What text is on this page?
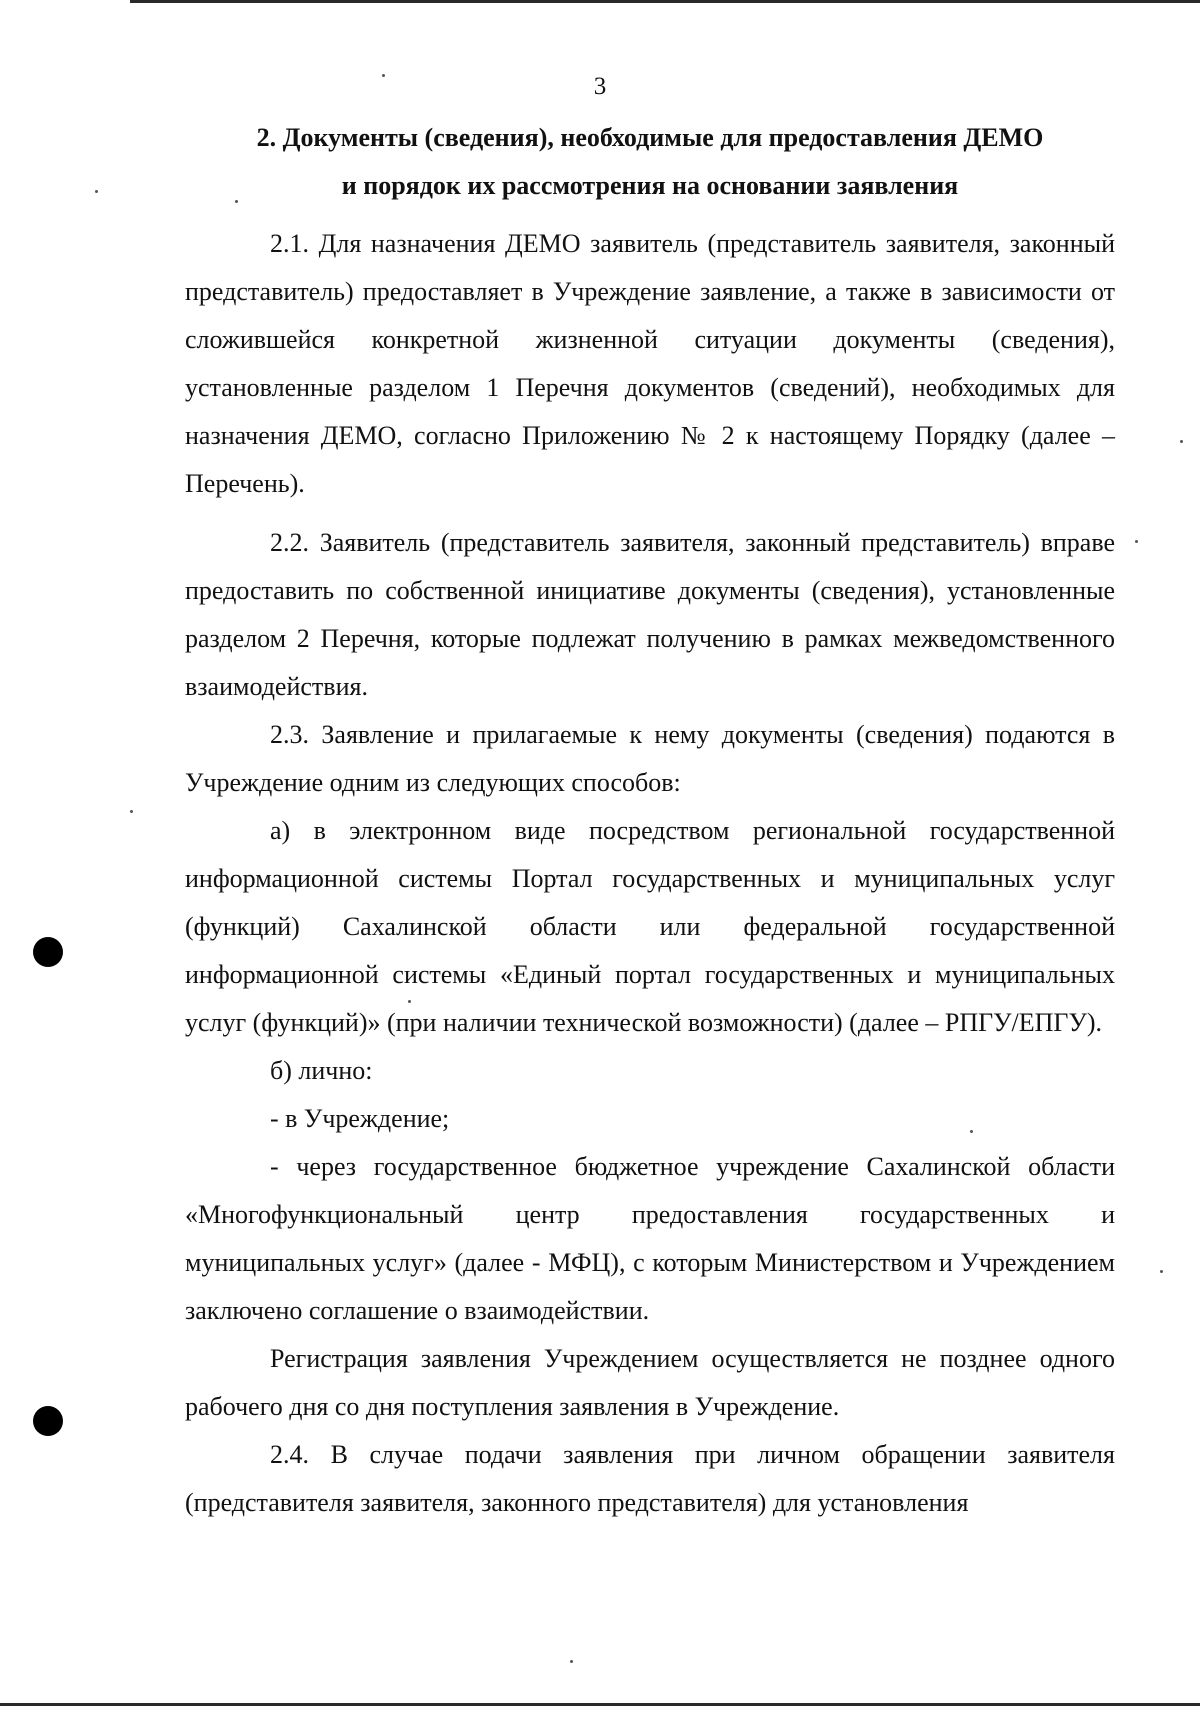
3
2. Документы (сведения), необходимые для предоставления ДЕМО
и порядок их рассмотрения на основании заявления

2.1. Для назначения ДЕМО заявитель (представитель заявителя, законный представитель) предоставляет в Учреждение заявление, а также в зависимости от сложившейся конкретной жизненной ситуации документы (сведения), установленные разделом 1 Перечня документов (сведений), необходимых для назначения ДЕМО, согласно Приложению № 2 к настоящему Порядку (далее – Перечень).

2.2. Заявитель (представитель заявителя, законный представитель) вправе предоставить по собственной инициативе документы (сведения), установленные разделом 2 Перечня, которые подлежат получению в рамках межведомственного взаимодействия.

2.3. Заявление и прилагаемые к нему документы (сведения) подаются в Учреждение одним из следующих способов:

а) в электронном виде посредством региональной государственной информационной системы Портал государственных и муниципальных услуг (функций) Сахалинской области или федеральной государственной информационной системы «Единый портал государственных и муниципальных услуг (функций)» (при наличии технической возможности) (далее – РПГУ/ЕПГУ).

б) лично:

- в Учреждение;

- через государственное бюджетное учреждение Сахалинской области «Многофункциональный центр предоставления государственных и муниципальных услуг» (далее - МФЦ), с которым Министерством и Учреждением заключено соглашение о взаимодействии.

Регистрация заявления Учреждением осуществляется не позднее одного рабочего дня со дня поступления заявления в Учреждение.

2.4. В случае подачи заявления при личном обращении заявителя (представителя заявителя, законного представителя) для установления
